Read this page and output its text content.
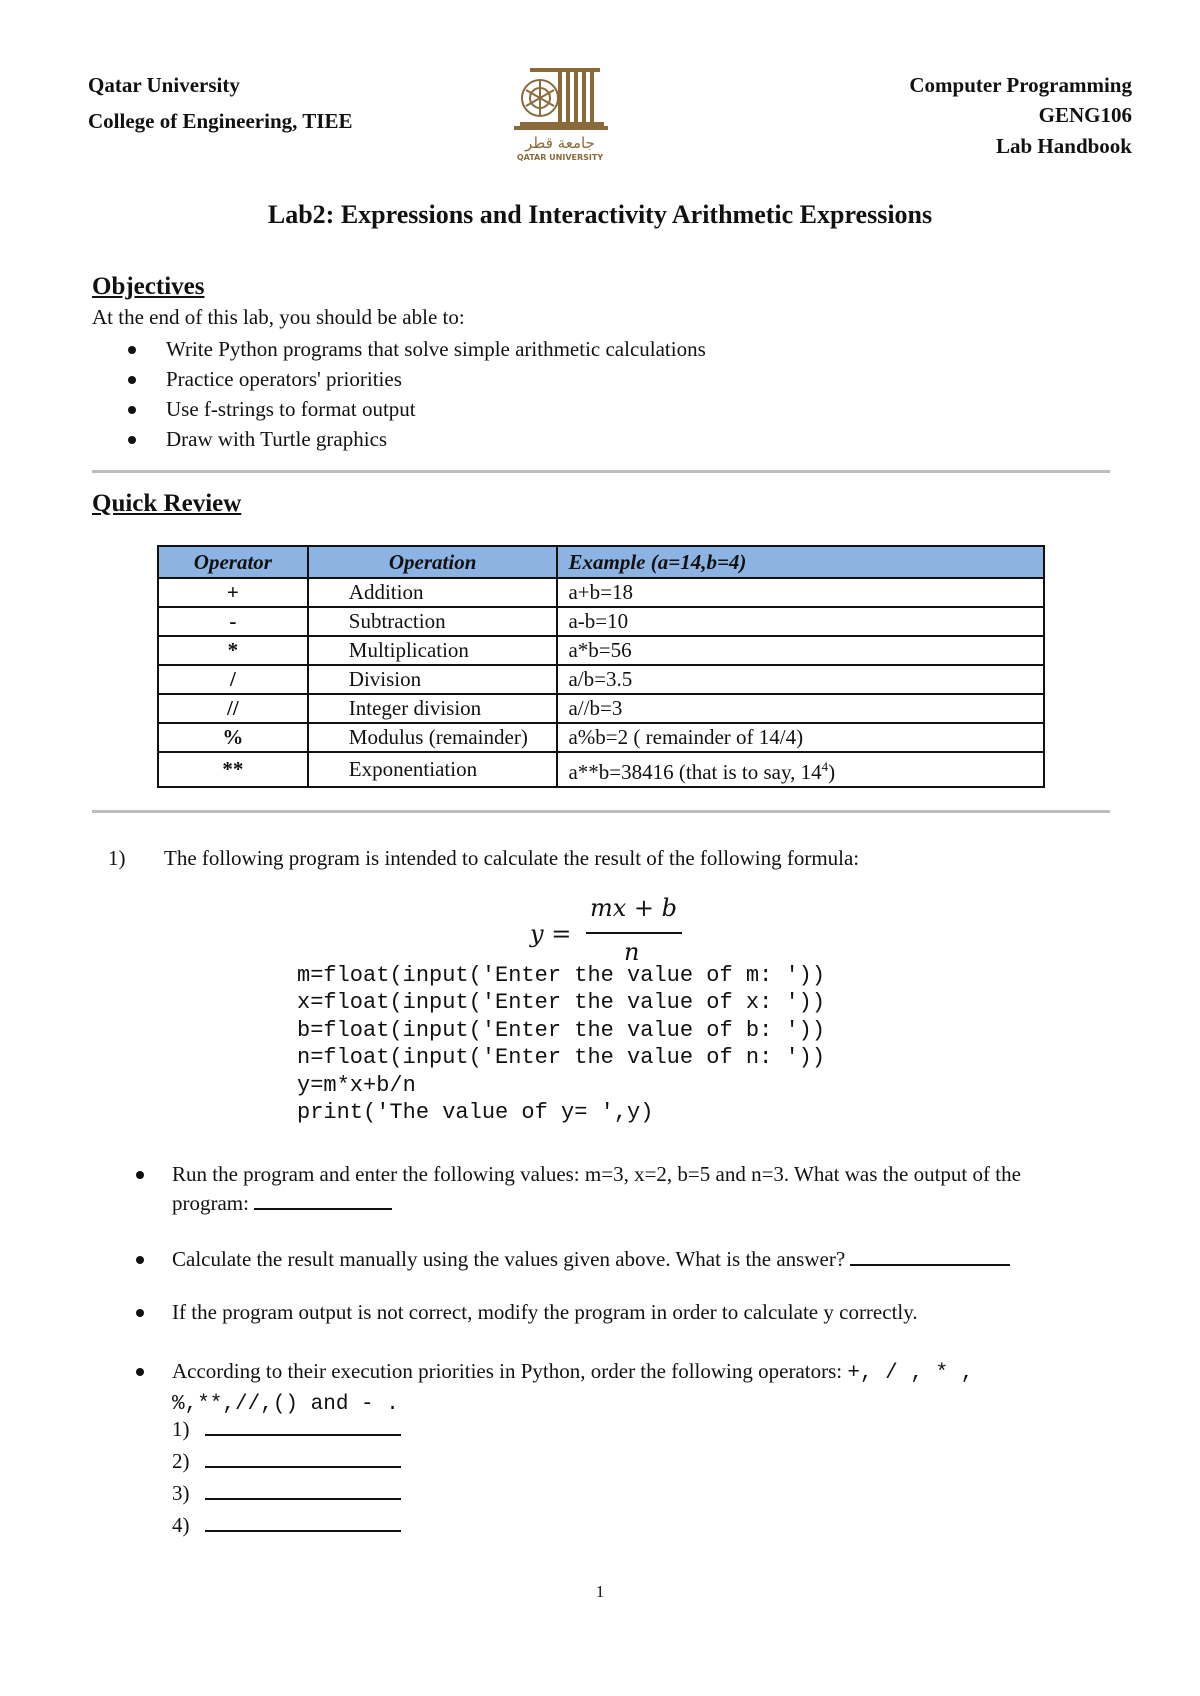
Qatar University
College of Engineering, TIEE
Computer Programming
GENG106
Lab Handbook
جامعة قطر
QATAR UNIVERSITY
Lab2: Expressions and Interactivity Arithmetic Expressions
Objectives
At the end of this lab, you should be able to:
Write Python programs that solve simple arithmetic calculations
Practice operators' priorities
Use f-strings to format output
Draw with Turtle graphics
Quick Review
Operator	Operation	Example (a=14,b=4)
+	Addition	a+b=18
-	Subtraction	a-b=10
*	Multiplication	a*b=56
/	Division	a/b=3.5
//	Integer division	a//b=3
%	Modulus (remainder)	a%b=2 ( remainder of 14/4)
**	Exponentiation	a**b=38416 (that is to say, $14^4$)
1) The following program is intended to calculate the result of the following formula:
y =
mx + b
n
m=float(input('Enter the value of m: '))
x=float(input('Enter the value of x: '))
b=float(input('Enter the value of b: '))
n=float(input('Enter the value of n: '))
y=m*x+b/n
print('The value of y= ',y)
Run the program and enter the following values: m=3, x=2, b=5 and n=3. What was the output of the program:
Calculate the result manually using the values given above. What is the answer?
If the program output is not correct, modify the program in order to calculate y correctly.
According to their execution priorities in Python, order the following operators: +, / , * ,
%,**,//,() and - .
1)
2)
3)
4)
1
